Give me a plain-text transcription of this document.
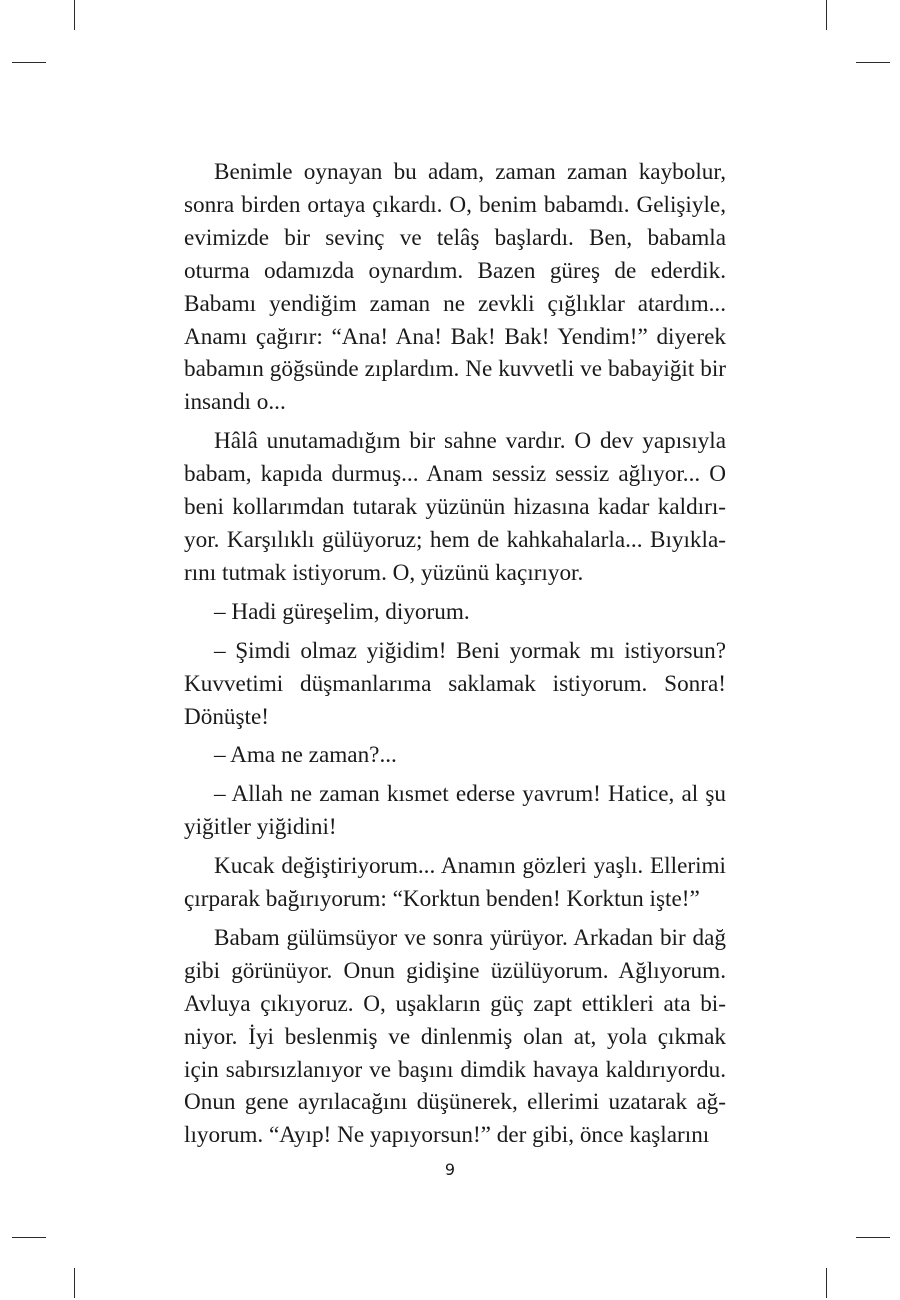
Benimle oynayan bu adam, zaman zaman kaybolur, sonra birden ortaya çıkardı. O, benim babamdı. Gelişiyle, evimizde bir sevinç ve telâş başlardı. Ben, babamla oturma odamızda oynardım. Bazen güreş de ederdik. Babamı yendiğim zaman ne zevkli çığlıklar atardım... Anamı çağırır: “Ana! Ana! Bak! Bak! Yendim!” diyerek babamın göğsünde zıplardım. Ne kuvvetli ve babayiğit bir insandı o...

Hâlâ unutamadığım bir sahne vardır. O dev yapısıyla babam, kapıda durmuş... Anam sessiz sessiz ağlıyor... O beni kollarımdan tutarak yüzünün hizasına kadar kaldırıyor. Karşılıklı gülüyoruz; hem de kahkahalarla... Bıyıklarını tutmak istiyorum. O, yüzünü kaçırıyor.

– Hadi güreşelim, diyorum.

– Şimdi olmaz yiğidim! Beni yormak mı istiyorsun? Kuvvetimi düşmanlarıma saklamak istiyorum. Sonra! Dönüşte!

– Ama ne zaman?...

– Allah ne zaman kısmet ederse yavrum! Hatice, al şu yiğitler yiğidini!

Kucak değiştiriyorum... Anamın gözleri yaşlı. Ellerimi çırparak bağırıyorum: “Korktun benden! Korktun işte!”

Babam gülümsüyor ve sonra yürüyor. Arkadan bir dağ gibi görünüyor. Onun gidişine üzülüyorum. Ağlıyorum. Avluya çıkıyoruz. O, uşakların güç zapt ettikleri ata biniyor. İyi beslenmiş ve dinlenmiş olan at, yola çıkmak için sabırsızlanıyor ve başını dimdik havaya kaldırıyordu. Onun gene ayrılacağını düşünerek, ellerimi uzatarak ağlıyorum. “Ayıp! Ne yapıyorsun!” der gibi, önce kaşlarını

9
